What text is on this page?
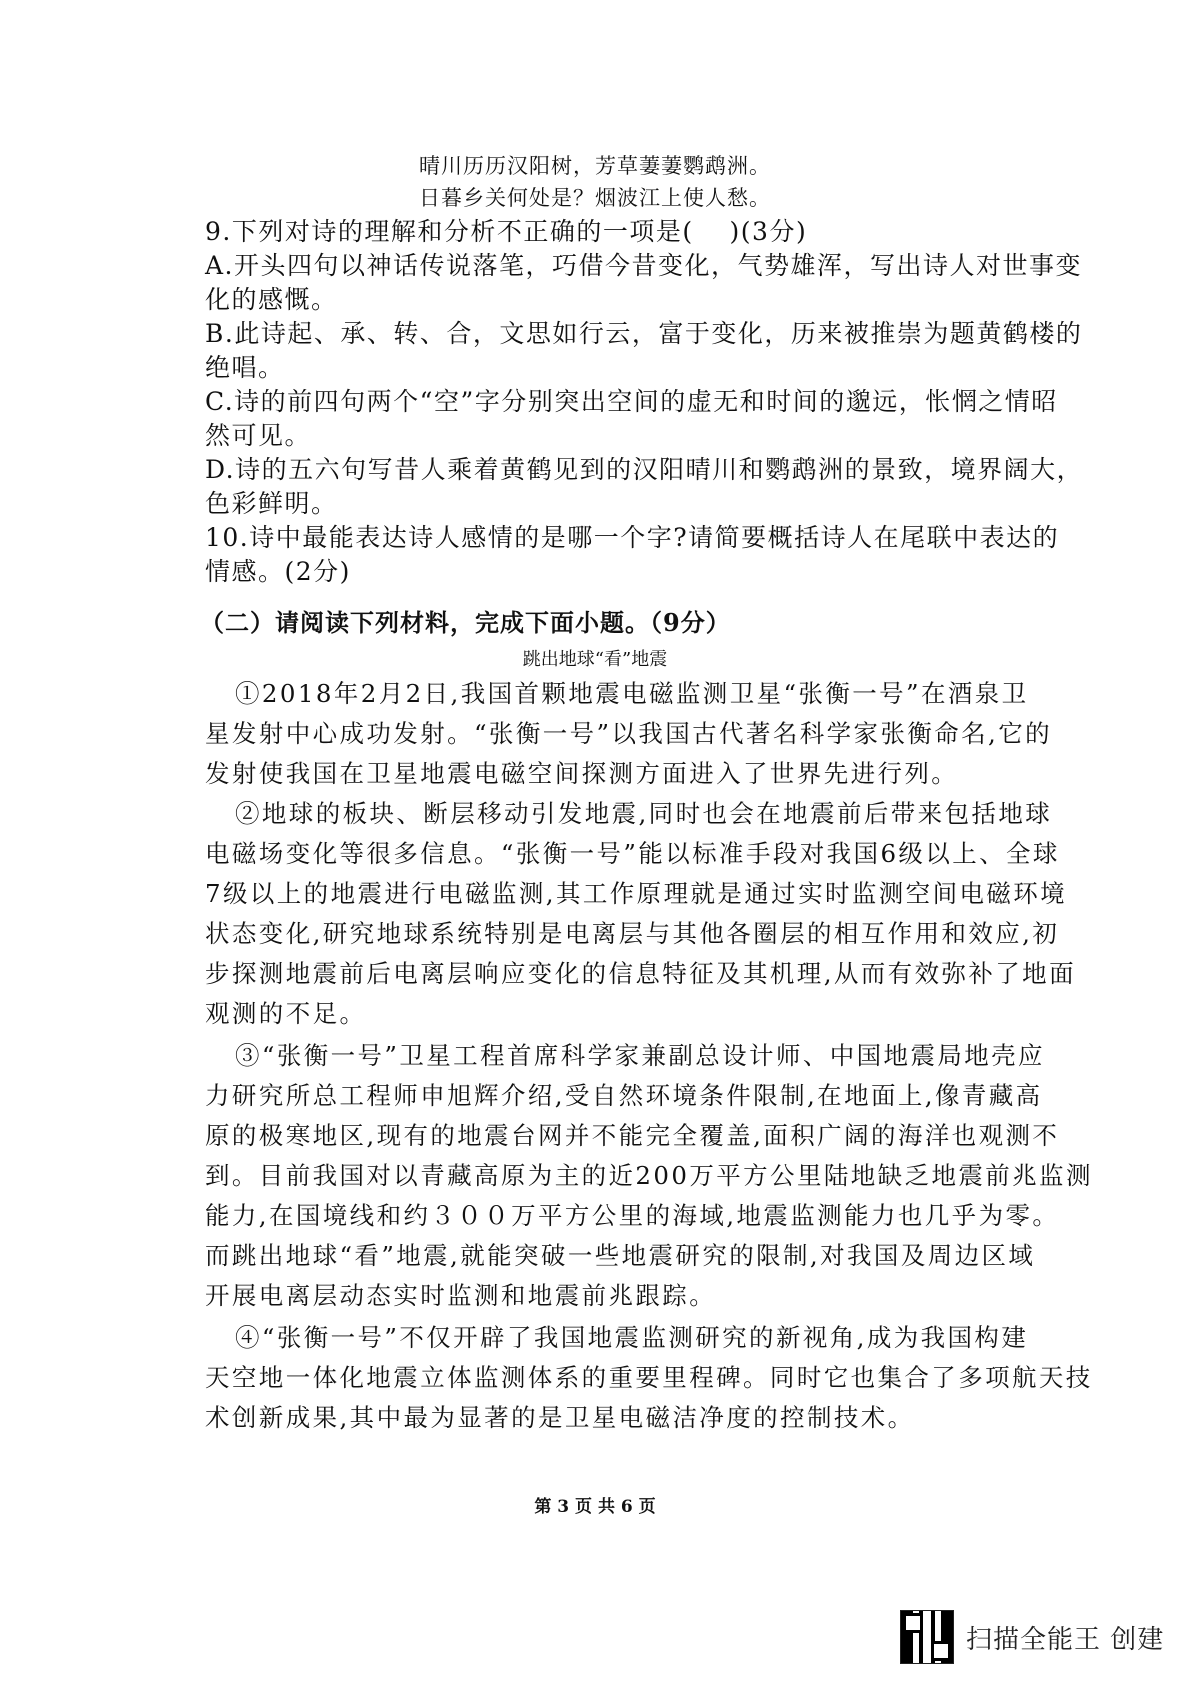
晴川历历汉阳树，芳草萋萋鹦鹉洲。
日暮乡关何处是？烟波江上使人愁。
9.下列对诗的理解和分析不正确的一项是(　 )(3分)
A.开头四句以神话传说落笔，巧借今昔变化，气势雄浑，写出诗人对世事变
化的感慨。
B.此诗起、承、转、合，文思如行云，富于变化，历来被推崇为题黄鹤楼的
绝唱。
C.诗的前四句两个“空”字分别突出空间的虚无和时间的邈远，怅惘之情昭
然可见。
D.诗的五六句写昔人乘着黄鹤见到的汉阳晴川和鹦鹉洲的景致，境界阔大，
色彩鲜明。
10.诗中最能表达诗人感情的是哪一个字?请简要概括诗人在尾联中表达的
情感。(2分)
（二）请阅读下列材料，完成下面小题。（9分）
跳出地球“看”地震
①2018年2月2日,我国首颗地震电磁监测卫星“张衡一号”在酒泉卫
星发射中心成功发射。“张衡一号”以我国古代著名科学家张衡命名,它的
发射使我国在卫星地震电磁空间探测方面进入了世界先进行列。
②地球的板块、断层移动引发地震,同时也会在地震前后带来包括地球
电磁场变化等很多信息。“张衡一号”能以标准手段对我国6级以上、全球
7级以上的地震进行电磁监测,其工作原理就是通过实时监测空间电磁环境
状态变化,研究地球系统特别是电离层与其他各圈层的相互作用和效应,初
步探测地震前后电离层响应变化的信息特征及其机理,从而有效弥补了地面
观测的不足。
③“张衡一号”卫星工程首席科学家兼副总设计师、中国地震局地壳应
力研究所总工程师申旭辉介绍,受自然环境条件限制,在地面上,像青藏高
原的极寒地区,现有的地震台网并不能完全覆盖,面积广阔的海洋也观测不
到。目前我国对以青藏高原为主的近200万平方公里陆地缺乏地震前兆监测
能力,在国境线和约３００万平方公里的海域,地震监测能力也几乎为零。
而跳出地球“看”地震,就能突破一些地震研究的限制,对我国及周边区域
开展电离层动态实时监测和地震前兆跟踪。
④“张衡一号”不仅开辟了我国地震监测研究的新视角,成为我国构建
天空地一体化地震立体监测体系的重要里程碑。同时它也集合了多项航天技
术创新成果,其中最为显著的是卫星电磁洁净度的控制技术。
第 3 页 共 6 页
扫描全能王 创建
